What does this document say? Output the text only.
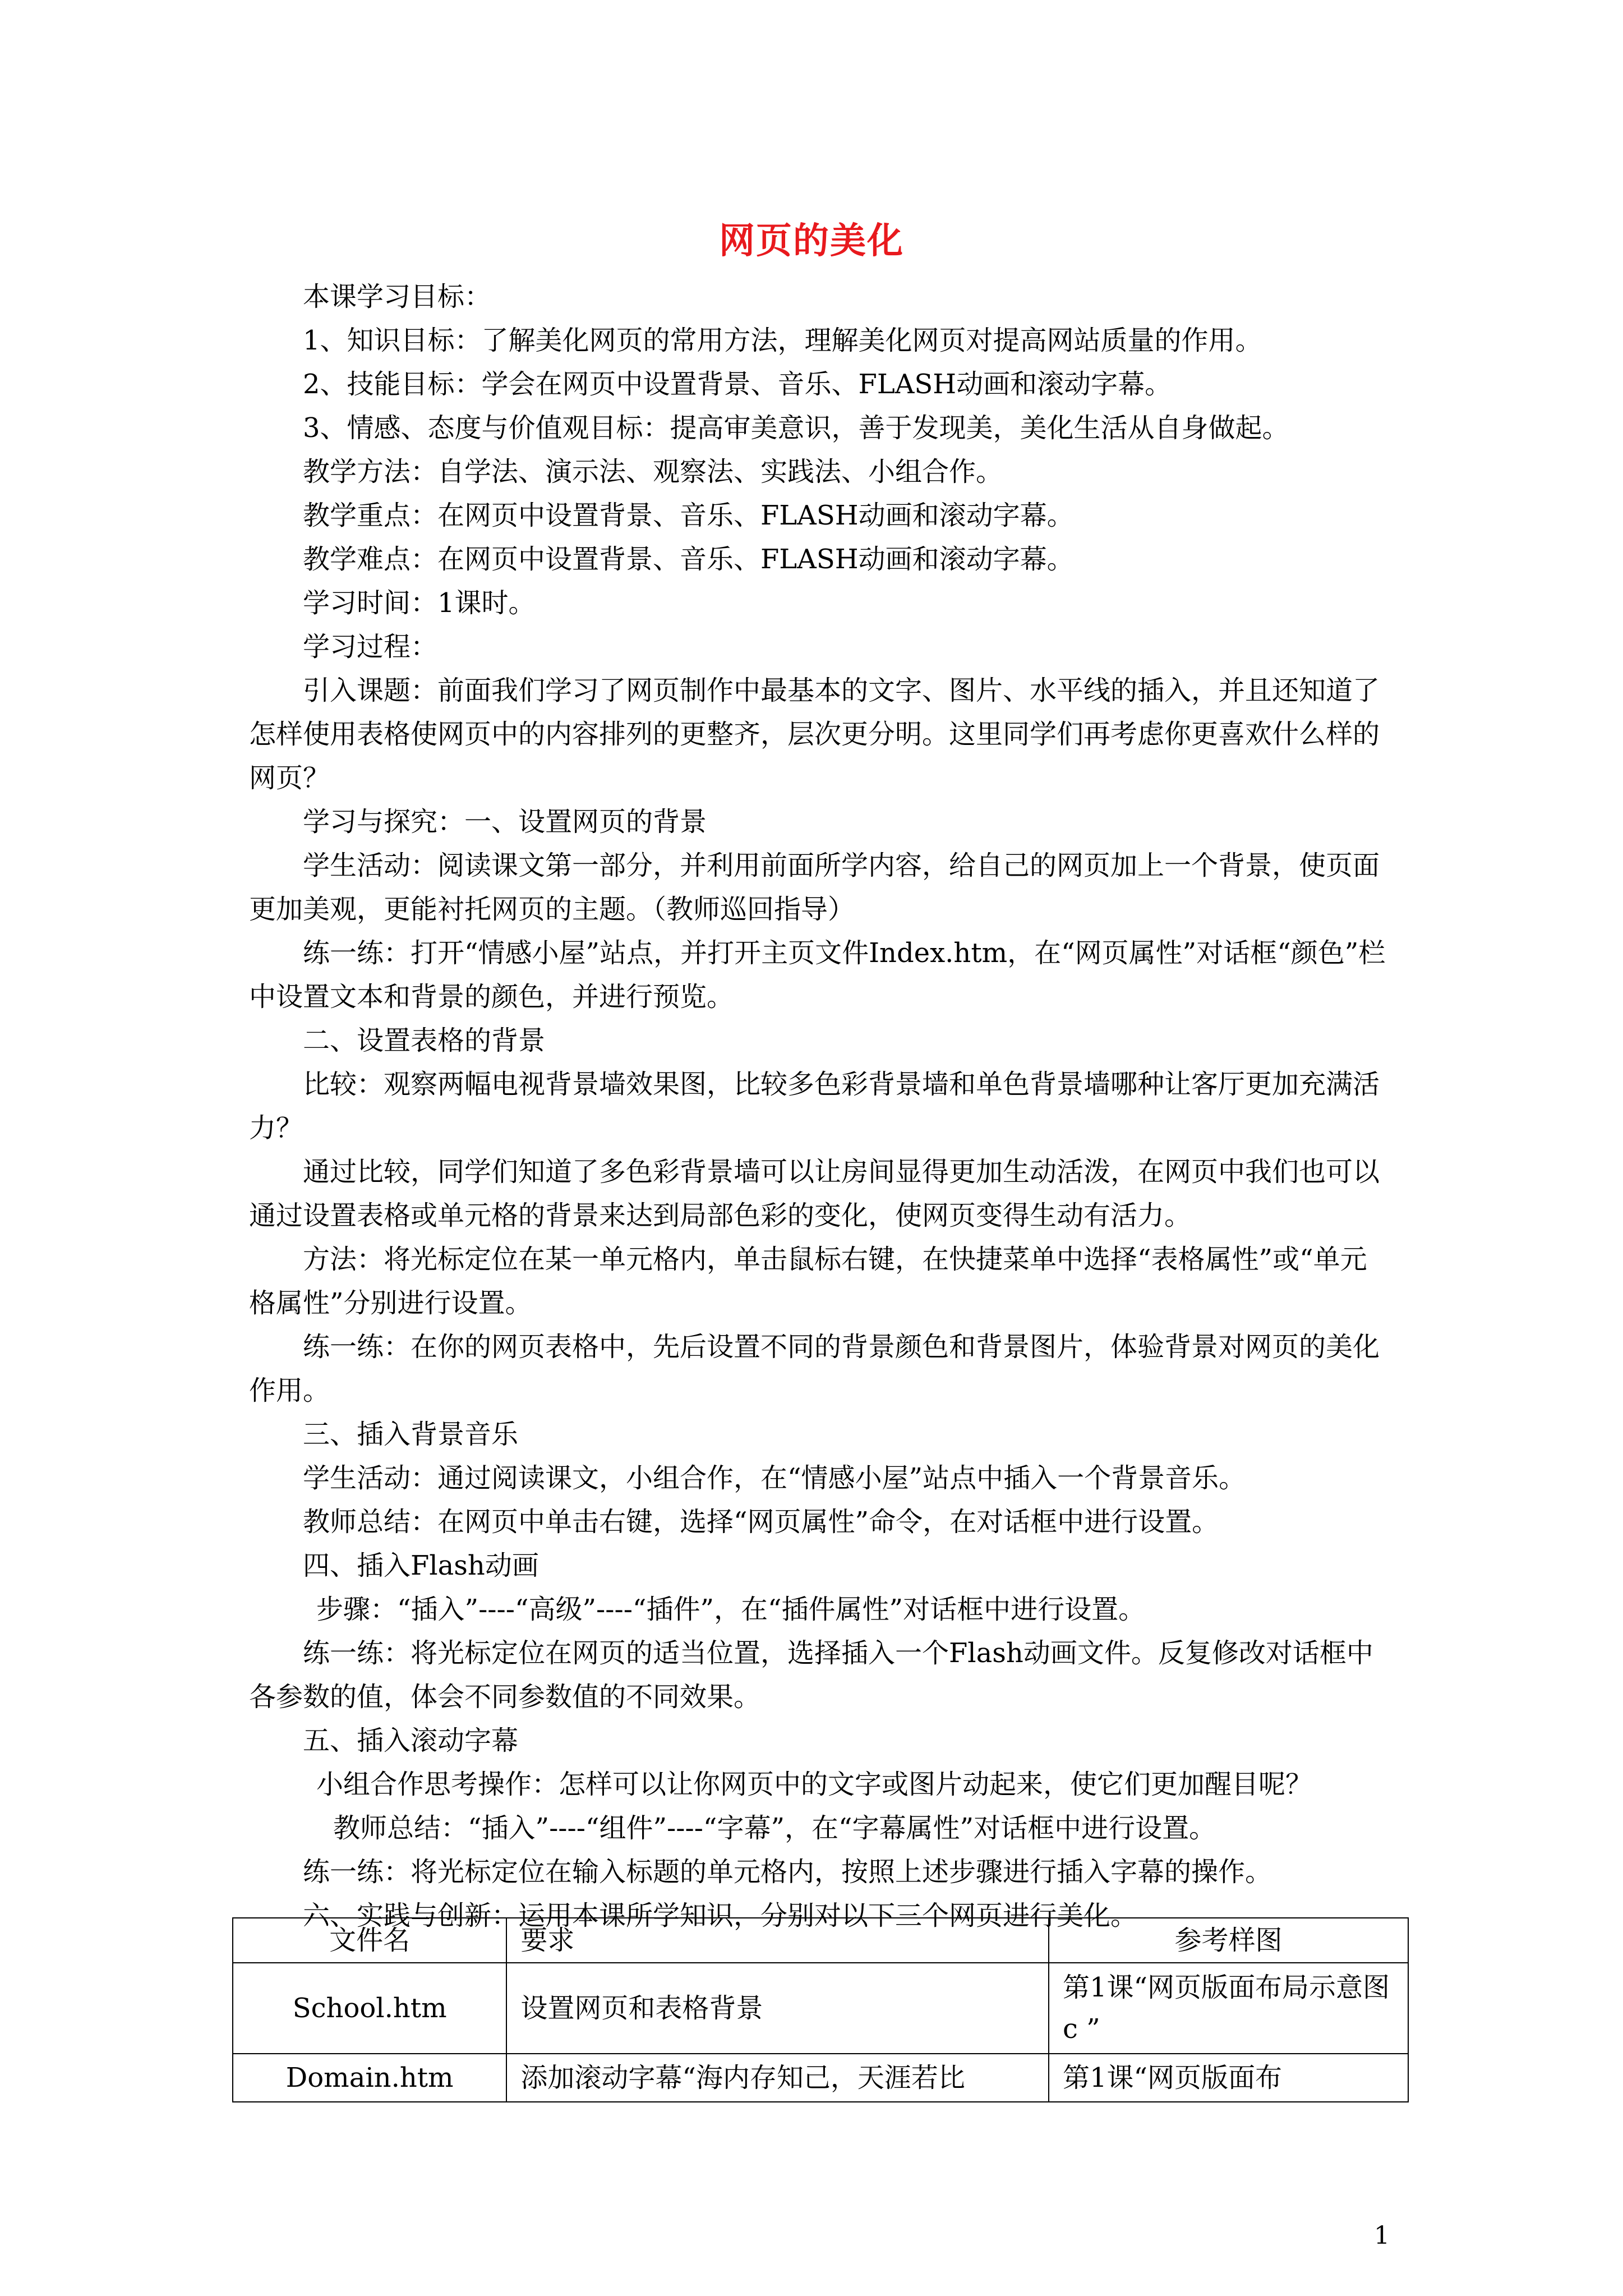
网页的美化

本课学习目标：

1、知识目标：了解美化网页的常用方法，理解美化网页对提高网站质量的作用。

2、技能目标：学会在网页中设置背景、音乐、FLASH动画和滚动字幕。

3、情感、态度与价值观目标：提高审美意识，善于发现美，美化生活从自身做起。

教学方法：自学法、演示法、观察法、实践法、小组合作。

教学重点：在网页中设置背景、音乐、FLASH动画和滚动字幕。

教学难点：在网页中设置背景、音乐、FLASH动画和滚动字幕。

学习时间：1课时。

学习过程：

引入课题：前面我们学习了网页制作中最基本的文字、图片、水平线的插入，并且还知道了怎样使用表格使网页中的内容排列的更整齐，层次更分明。这里同学们再考虑你更喜欢什么样的网页？

学习与探究：一、设置网页的背景

学生活动：阅读课文第一部分，并利用前面所学内容，给自己的网页加上一个背景，使页面更加美观，更能衬托网页的主题。（教师巡回指导）

练一练：打开“情感小屋”站点，并打开主页文件Index.htm，在“网页属性”对话框“颜色”栏中设置文本和背景的颜色，并进行预览。

二、设置表格的背景

比较：观察两幅电视背景墙效果图，比较多色彩背景墙和单色背景墙哪种让客厅更加充满活力？

通过比较，同学们知道了多色彩背景墙可以让房间显得更加生动活泼，在网页中我们也可以通过设置表格或单元格的背景来达到局部色彩的变化，使网页变得生动有活力。

方法：将光标定位在某一单元格内，单击鼠标右键，在快捷菜单中选择“表格属性”或“单元格属性”分别进行设置。

练一练：在你的网页表格中，先后设置不同的背景颜色和背景图片，体验背景对网页的美化作用。

三、插入背景音乐

学生活动：通过阅读课文，小组合作，在“情感小屋”站点中插入一个背景音乐。

教师总结：在网页中单击右键，选择“网页属性”命令，在对话框中进行设置。

四、插入Flash动画

步骤：“插入”----“高级”----“插件”，在“插件属性”对话框中进行设置。

练一练：将光标定位在网页的适当位置，选择插入一个Flash动画文件。反复修改对话框中各参数的值，体会不同参数值的不同效果。

五、插入滚动字幕

小组合作思考操作：怎样可以让你网页中的文字或图片动起来，使它们更加醒目呢？

教师总结：“插入”----“组件”----“字幕”，在“字幕属性”对话框中进行设置。

练一练：将光标定位在输入标题的单元格内，按照上述步骤进行插入字幕的操作。

六、实践与创新：运用本课所学知识，分别对以下三个网页进行美化。

文件名	要求	参考样图
School.htm	设置网页和表格背景	第1课“网页版面布局示意图c ”
Domain.htm	添加滚动字幕“海内存知己，天涯若比	第1课“网页版面布
1
